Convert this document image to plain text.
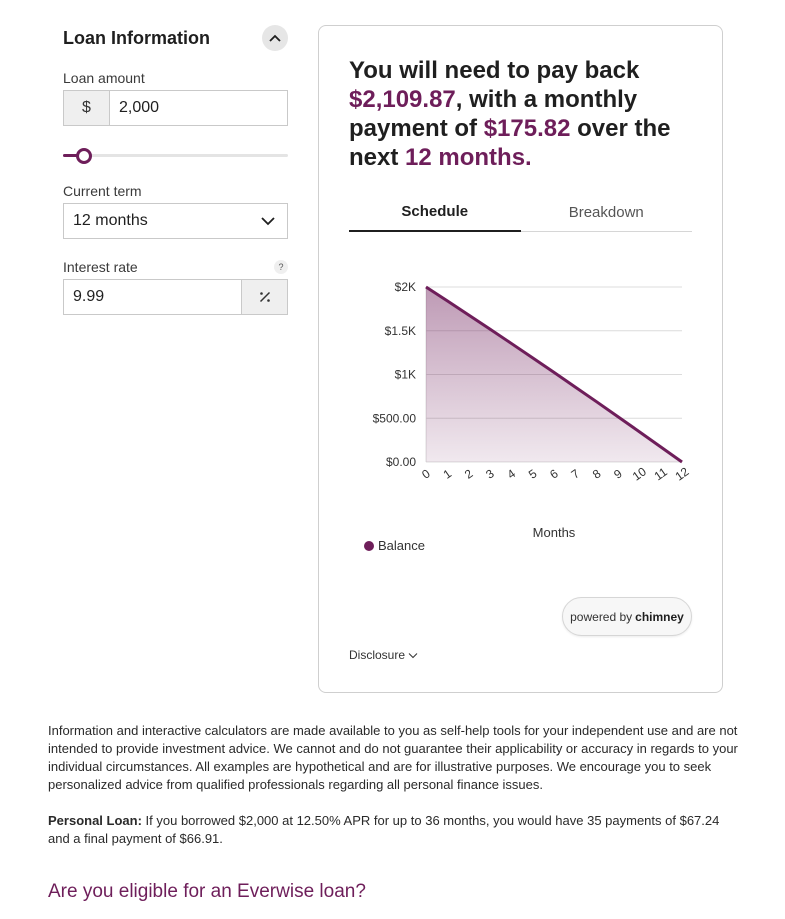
Loan Information
Loan amount
$	2,000
Current term
12 months
Interest rate	?
9.99
You will need to pay back $2,109.87, with a monthly payment of $175.82 over the next 12 months.
Schedule	Breakdown
$0.00
$500.00
$1K
$1.5K
$2K
0 1 2 3 4 5 6 7 8 9 10 11 12
Months
Balance
powered by chimney
Disclosure

Information and interactive calculators are made available to you as self-help tools for your independent use and are not intended to provide investment advice. We cannot and do not guarantee their applicability or accuracy in regards to your individual circumstances. All examples are hypothetical and are for illustrative purposes. We encourage you to seek personalized advice from qualified professionals regarding all personal finance issues.

Personal Loan: If you borrowed $2,000 at 12.50% APR for up to 36 months, you would have 35 payments of $67.24 and a final payment of $66.91.

Are you eligible for an Everwise loan?
